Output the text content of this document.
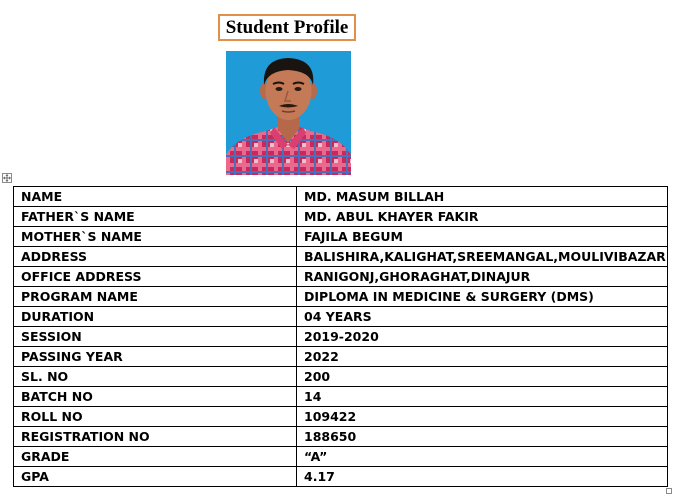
Student Profile
NAME	MD. MASUM BILLAH
FATHER`S NAME	MD. ABUL KHAYER FAKIR
MOTHER`S NAME	FAJILA BEGUM
ADDRESS	BALISHIRA,KALIGHAT,SREEMANGAL,MOULIVIBAZAR
OFFICE ADDRESS	RANIGONJ,GHORAGHAT,DINAJUR
PROGRAM NAME	DIPLOMA IN MEDICINE & SURGERY (DMS)
DURATION	04 YEARS
SESSION	2019-2020
PASSING YEAR	2022
SL. NO	200
BATCH NO	14
ROLL NO	109422
REGISTRATION NO	188650
GRADE	“A”
GPA	4.17
